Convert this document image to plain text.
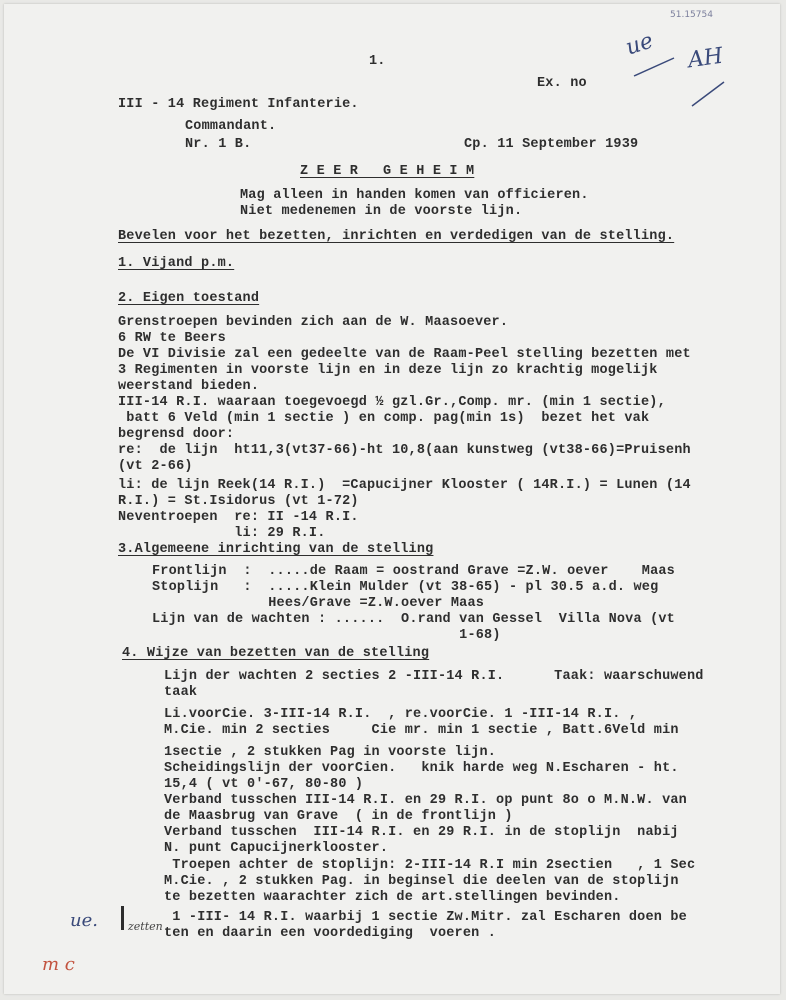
51.15754
ue AH
1.
Ex. no
III - 14 Regiment Infanterie.
Commandant.
Nr. 1 B.	Cp. 11 September 1939
Z E E R   G E H E I M
Mag alleen in handen komen van officieren.
Niet medenemen in de voorste lijn.
Bevelen voor het bezetten, inrichten en verdedigen van de stelling.
1. Vijand p.m.
2. Eigen toestand
Grenstroepen bevinden zich aan de W. Maasoever.
6 RW te Beers
De VI Divisie zal een gedeelte van de Raam-Peel stelling bezetten met
3 Regimenten in voorste lijn en in deze lijn zo krachtig mogelijk
weerstand bieden.
III-14 R.I. waaraan toegevoegd ½ gzl.Gr.,Comp. mr. (min 1 sectie),
batt 6 Veld (min 1 sectie ) en comp. pag(min 1s)  bezet het vak
begrensd door:
re:  de lijn  ht11,3(vt37-66)-ht 10,8(aan kunstweg (vt38-66)=Pruisenh
(vt 2-66)
li: de lijn Reek(14 R.I.)  =Capucijner Klooster ( 14R.I.) = Lunen (14
R.I.) = St.Isidorus (vt 1-72)
Neventroepen  re: II -14 R.I.
li: 29 R.I.
3.Algemeene inrichting van de stelling
Frontlijn  :  .....de Raam = oostrand Grave =Z.W. oever    Maas
Stoplijn   :  .....Klein Mulder (vt 38-65) - pl 30.5 a.d. weg
Hees/Grave =Z.W.oever Maas
Lijn van de wachten : ......  O.rand van Gessel  Villa Nova (vt
1-68)
4. Wijze van bezetten van de stelling
Lijn der wachten 2 secties 2 -III-14 R.I.      Taak: waarschuwend
taak
Li.voorCie. 3-III-14 R.I.  , re.voorCie. 1 -III-14 R.I. ,
M.Cie. min 2 secties     Cie mr. min 1 sectie , Batt.6Veld min
1sectie , 2 stukken Pag in voorste lijn.
Scheidingslijn der voorCien.   knik harde weg N.Escharen - ht.
15,4 ( vt 0'-67, 80-80 )
Verband tusschen III-14 R.I. en 29 R.I. op punt 8o o M.N.W. van
de Maasbrug van Grave  ( in de frontlijn )
Verband tusschen  III-14 R.I. en 29 R.I. in de stoplijn  nabij
N. punt Capucijnerklooster.
Troepen achter de stoplijn: 2-III-14 R.I min 2sectien   , 1 Sec
M.Cie. , 2 stukken Pag. in beginsel die deelen van de stoplijn
te bezetten waarachter zich de art.stellingen bevinden.
1 -III- 14 R.I. waarbij 1 sectie Zw.Mitr. zal Escharen doen be
ten en daarin een voordediging  voeren .
ue.	zetten
m c
